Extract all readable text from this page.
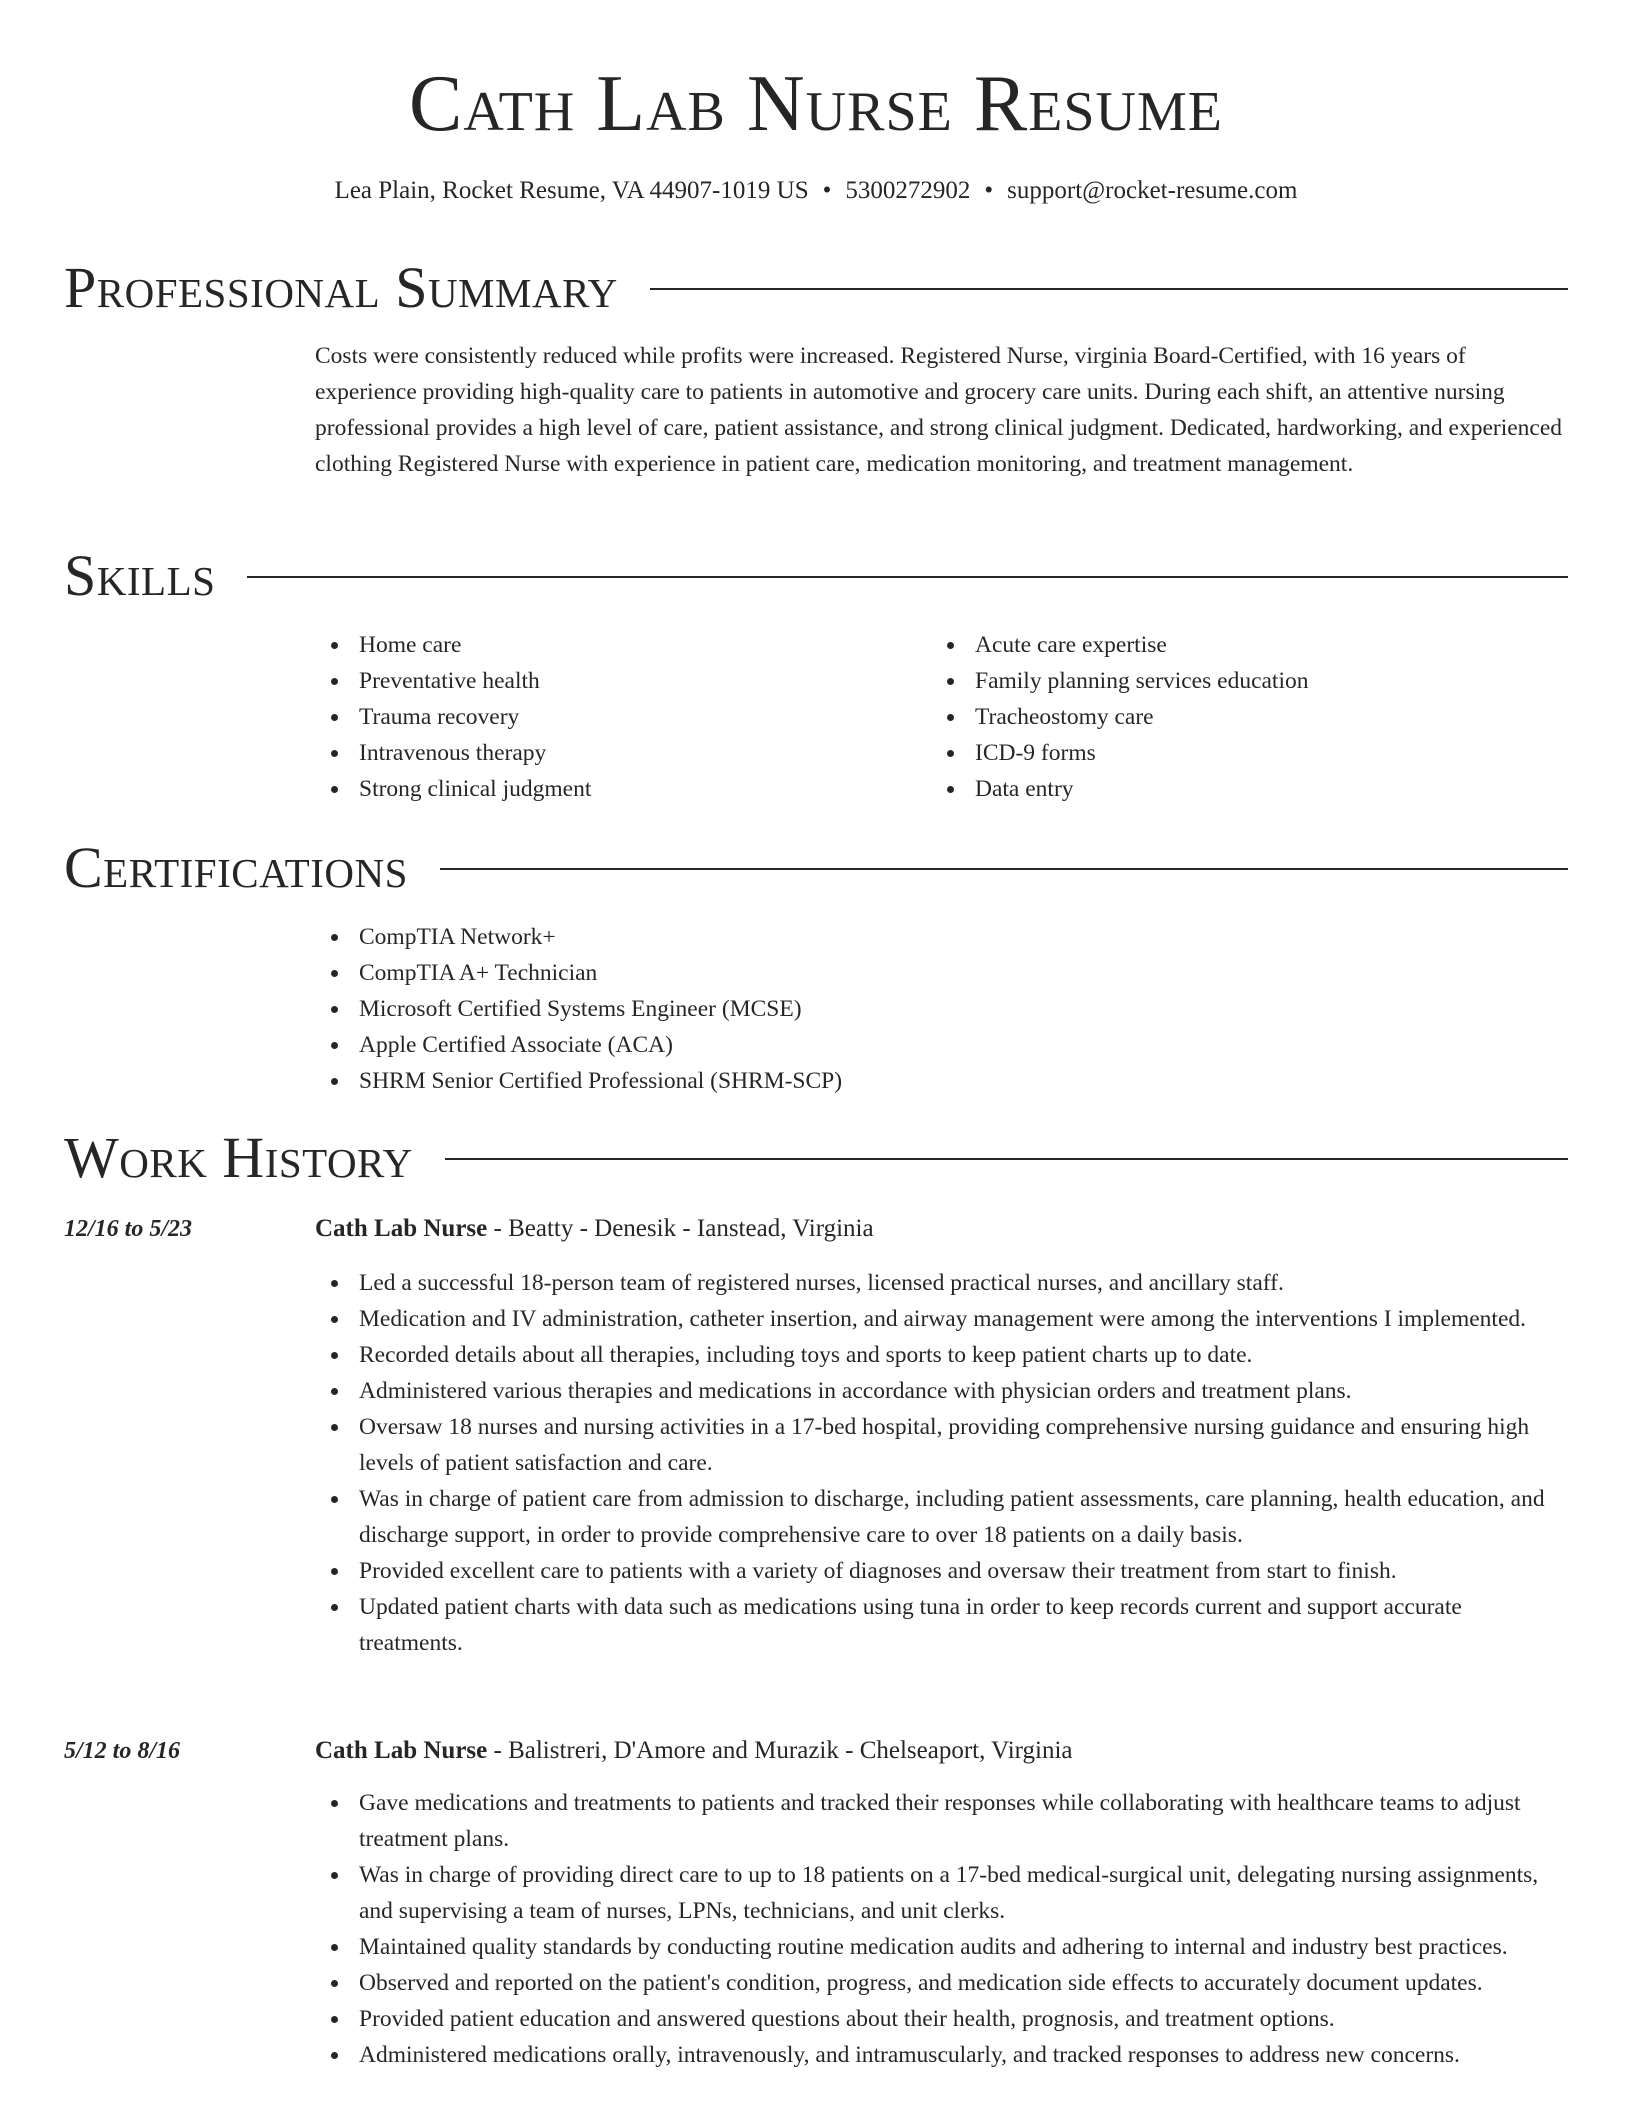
Cath Lab Nurse Resume
Lea Plain, Rocket Resume, VA 44907-1019 US • 5300272902 • support@rocket-resume.com
Professional Summary

Costs were consistently reduced while profits were increased. Registered Nurse, virginia Board-Certified, with 16 years of experience providing high-quality care to patients in automotive and grocery care units. During each shift, an attentive nursing professional provides a high level of care, patient assistance, and strong clinical judgment. Dedicated, hardworking, and experienced clothing Registered Nurse with experience in patient care, medication monitoring, and treatment management.

Skills
Home care
Preventative health
Trauma recovery
Intravenous therapy
Strong clinical judgment
Acute care expertise
Family planning services education
Tracheostomy care
ICD-9 forms
Data entry
Certifications
CompTIA Network+
CompTIA A+ Technician
Microsoft Certified Systems Engineer (MCSE)
Apple Certified Associate (ACA)
SHRM Senior Certified Professional (SHRM-SCP)
Work History
12/16 to 5/23	Cath Lab Nurse - Beatty - Denesik - Ianstead, Virginia
Led a successful 18-person team of registered nurses, licensed practical nurses, and ancillary staff.
Medication and IV administration, catheter insertion, and airway management were among the interventions I implemented.
Recorded details about all therapies, including toys and sports to keep patient charts up to date.
Administered various therapies and medications in accordance with physician orders and treatment plans.
Oversaw 18 nurses and nursing activities in a 17-bed hospital, providing comprehensive nursing guidance and ensuring high levels of patient satisfaction and care.
Was in charge of patient care from admission to discharge, including patient assessments, care planning, health education, and discharge support, in order to provide comprehensive care to over 18 patients on a daily basis.
Provided excellent care to patients with a variety of diagnoses and oversaw their treatment from start to finish.
Updated patient charts with data such as medications using tuna in order to keep records current and support accurate treatments.
5/12 to 8/16	Cath Lab Nurse - Balistreri, D'Amore and Murazik - Chelseaport, Virginia
Gave medications and treatments to patients and tracked their responses while collaborating with healthcare teams to adjust treatment plans.
Was in charge of providing direct care to up to 18 patients on a 17-bed medical-surgical unit, delegating nursing assignments, and supervising a team of nurses, LPNs, technicians, and unit clerks.
Maintained quality standards by conducting routine medication audits and adhering to internal and industry best practices.
Observed and reported on the patient's condition, progress, and medication side effects to accurately document updates.
Provided patient education and answered questions about their health, prognosis, and treatment options.
Administered medications orally, intravenously, and intramuscularly, and tracked responses to address new concerns.
